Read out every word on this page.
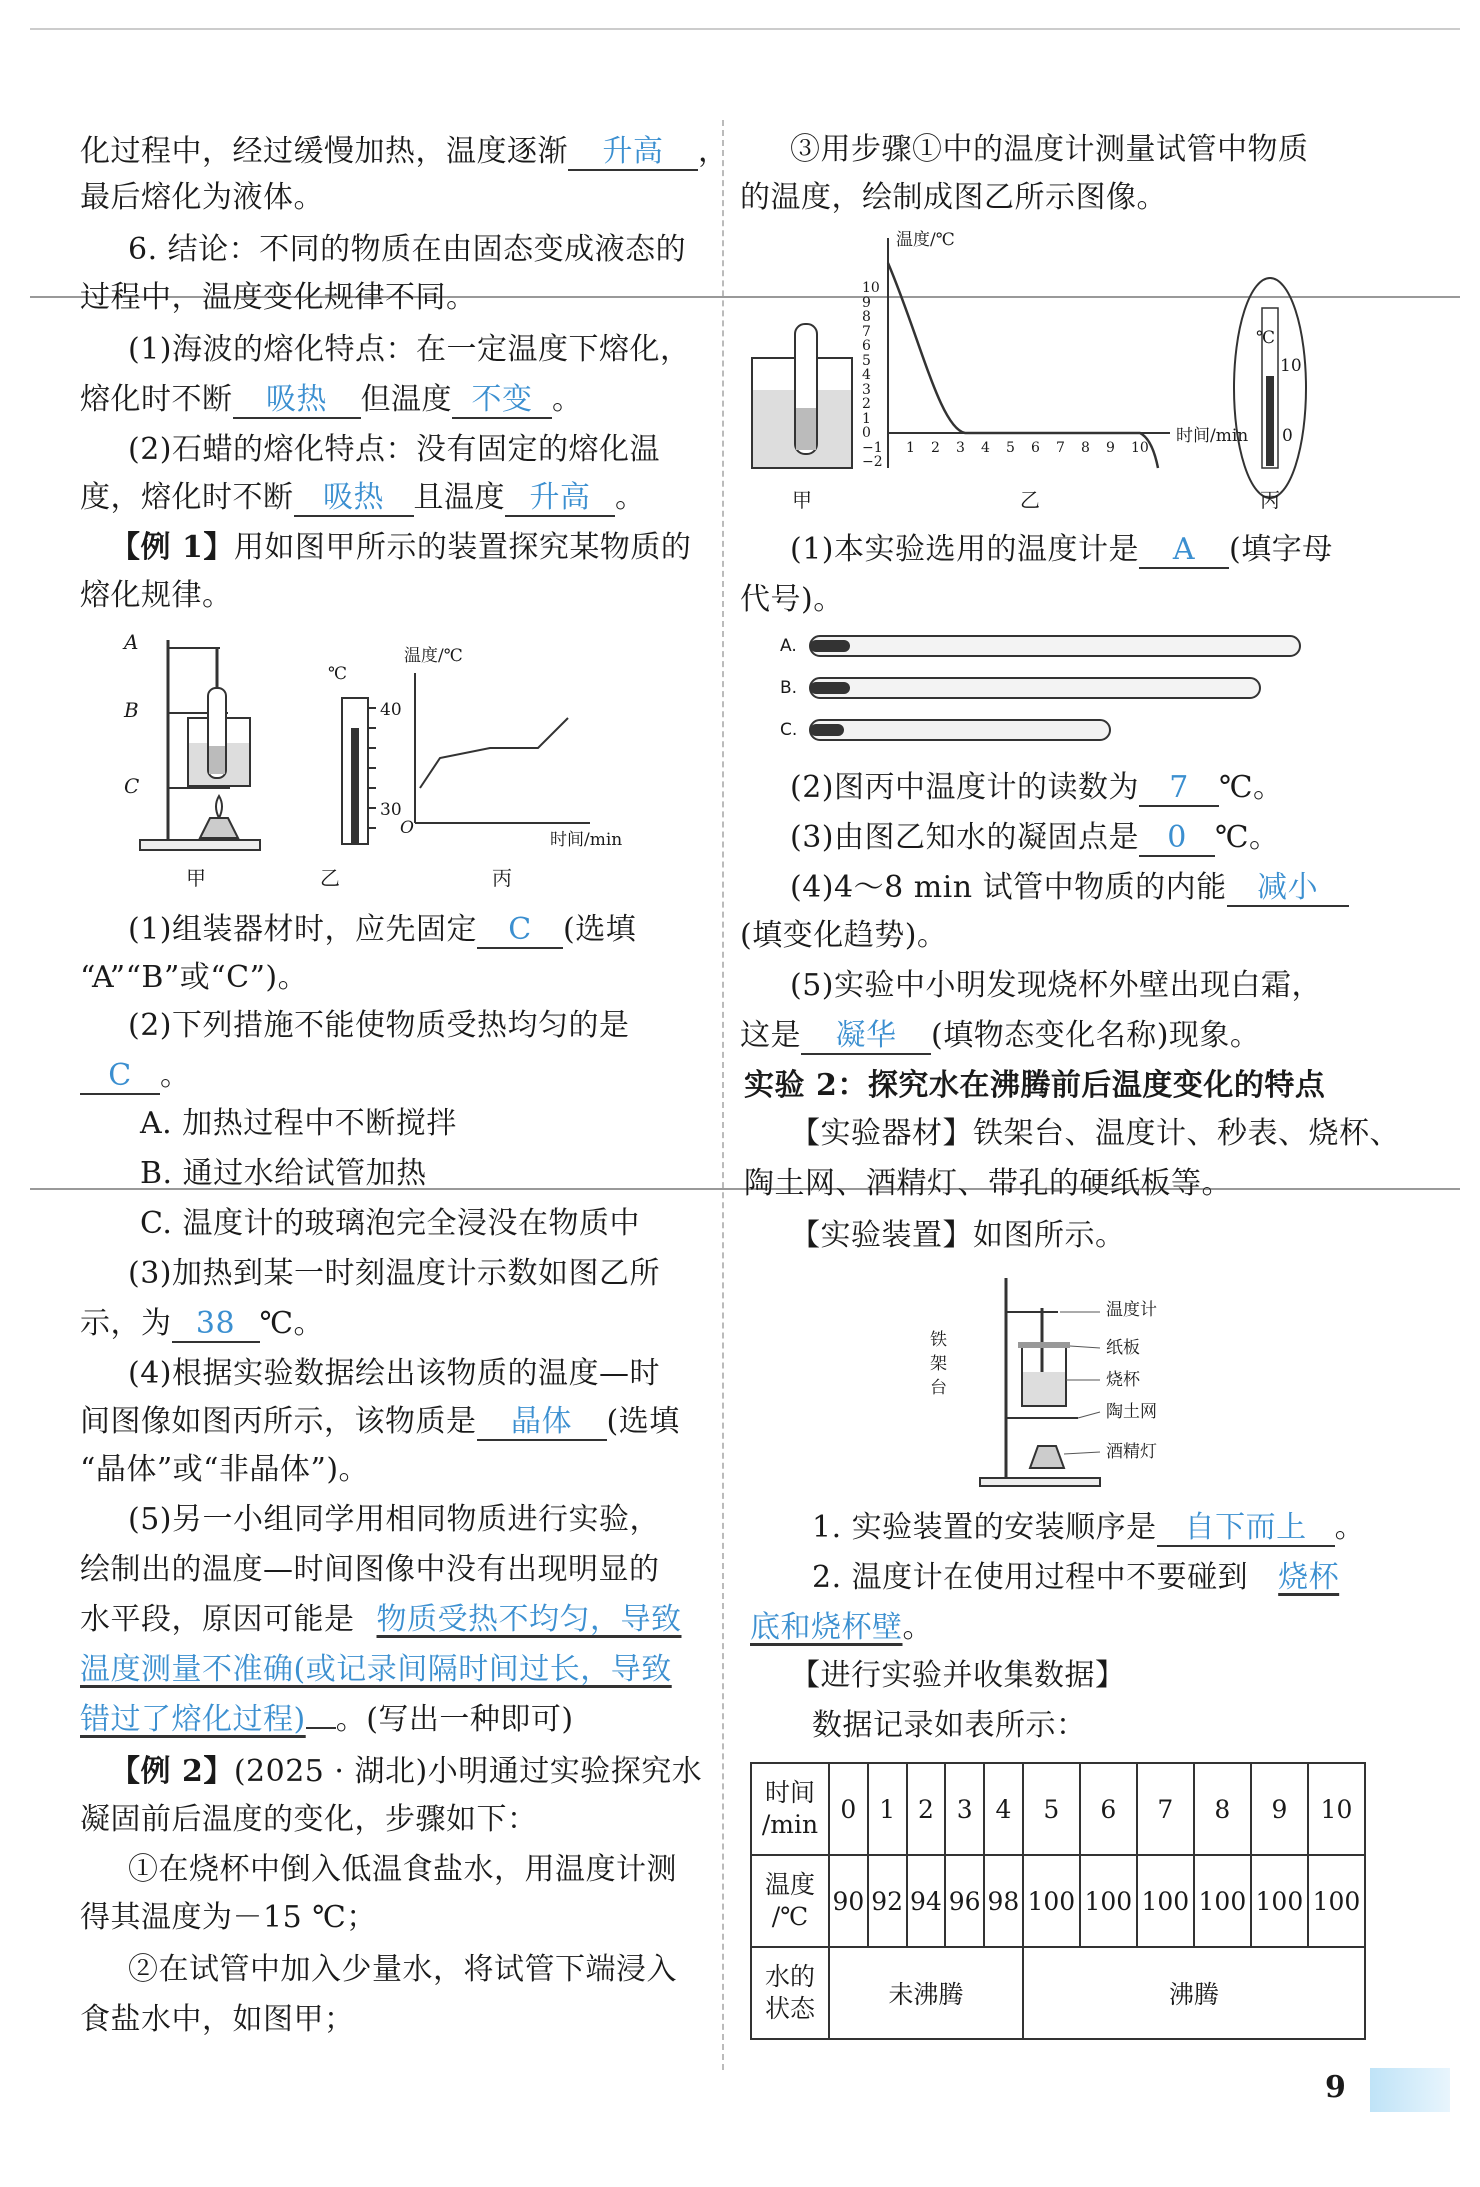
化过程中，经过缓慢加热，温度逐渐 升高 ，
最后熔化为液体。
6. 结论：不同的物质在由固态变成液态的
过程中，温度变化规律不同。
(1)海波的熔化特点：在一定温度下熔化，
熔化时不断 吸热 但温度 不变 。
(2)石蜡的熔化特点：没有固定的熔化温
度，熔化时不断 吸热 且温度 升高 。
【例 1】用如图甲所示的装置探究某物质的
熔化规律。
A
B
C
℃
40
30
温度/℃
O
时间/min
甲	乙	丙
(1)组装器材时，应先固定 C (选填
“A”“B”或“C”)。
(2)下列措施不能使物质受热均匀的是
C 。
A. 加热过程中不断搅拌
B. 通过水给试管加热
C. 温度计的玻璃泡完全浸没在物质中
(3)加热到某一时刻温度计示数如图乙所
示，为 38 ℃。
(4)根据实验数据绘出该物质的温度—时
间图像如图丙所示，该物质是 晶体 (选填
“晶体”或“非晶体”)。
(5)另一小组同学用相同物质进行实验，
绘制出的温度—时间图像中没有出现明显的
水平段，原因可能是 物质受热不均匀，导致
温度测量不准确(或记录间隔时间过长，导致
错过了熔化过程) 。(写出一种即可)
【例 2】(2025 · 湖北)小明通过实验探究水
凝固前后温度的变化，步骤如下：
①在烧杯中倒入低温食盐水，用温度计测
得其温度为－15 ℃；
②在试管中加入少量水，将试管下端浸入
食盐水中，如图甲；
③用步骤①中的温度计测量试管中物质
的温度，绘制成图乙所示图像。
温度/℃
时间/min
℃
10
0
甲	乙	丙
10
9
8
7
6
5
4
3
2
1
0
−1
−2
1 2 3 4 5 6 7 8 9 10
(1)本实验选用的温度计是 A (填字母
代号)。
A.
B.
C.
(2)图丙中温度计的读数为 7 ℃。
(3)由图乙知水的凝固点是 0 ℃。
(4)4～8 min 试管中物质的内能 减小
(填变化趋势)。
(5)实验中小明发现烧杯外壁出现白霜，
这是 凝华 (填物态变化名称)现象。
实验 2：探究水在沸腾前后温度变化的特点
【实验器材】铁架台、温度计、秒表、烧杯、
陶土网、酒精灯、带孔的硬纸板等。
【实验装置】如图所示。
铁
架
台
温度计
纸板
烧杯
陶土网
酒精灯
1. 实验装置的安装顺序是 自下而上 。
2. 温度计在使用过程中不要碰到 烧杯
底和烧杯壁。
【进行实验并收集数据】
数据记录如表所示：
时间
/min	0	1	2	3	4	5	6	7	8	9	10
温度
/℃	90	92	94	96	98	100	100	100	100	100	100
水的
状态	未沸腾					沸腾					
9
